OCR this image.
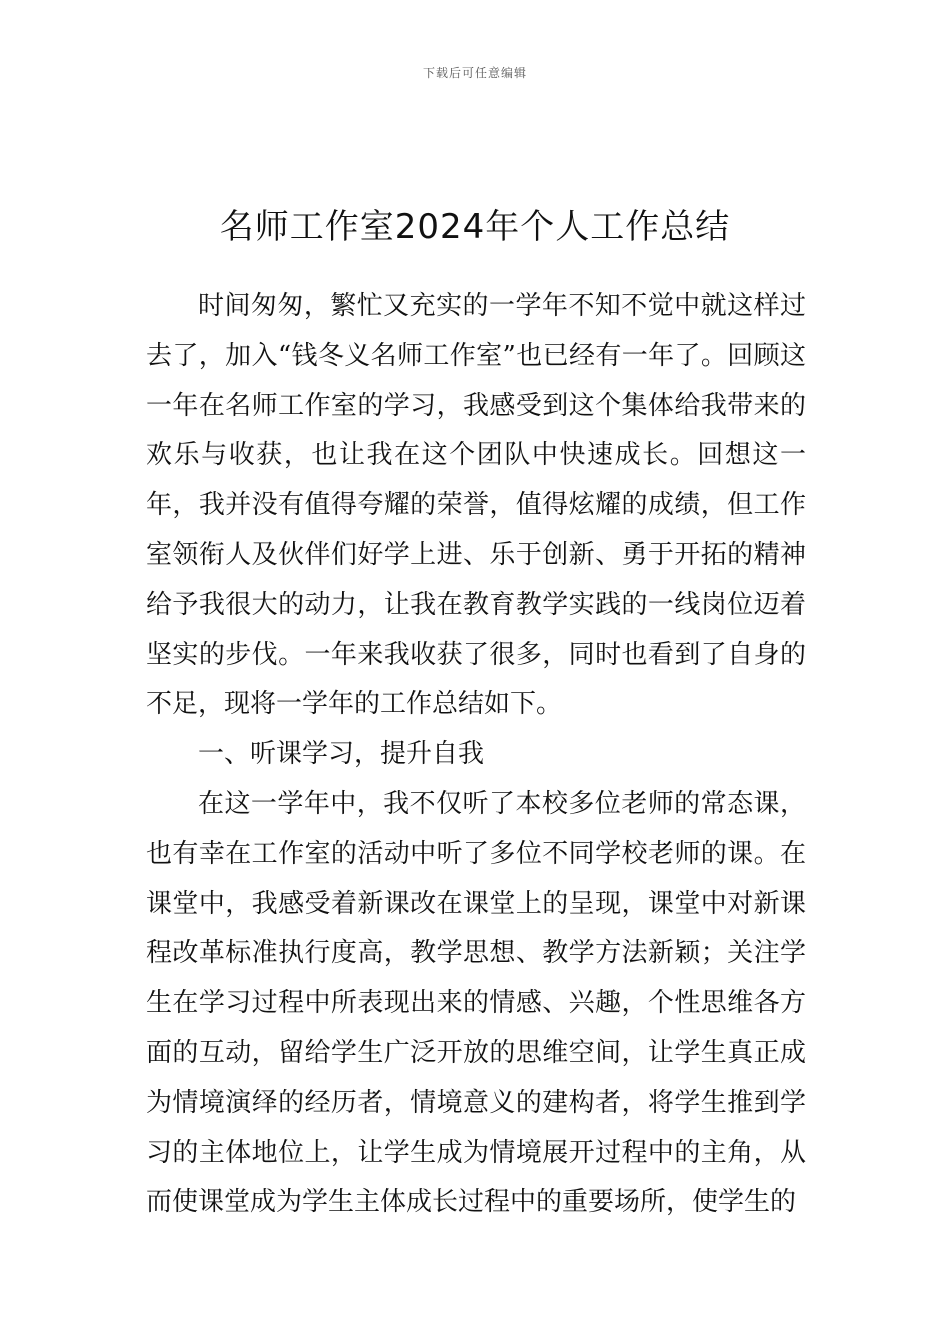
下载后可任意编辑
名师工作室2024年个人工作总结

时间匆匆，繁忙又充实的一学年不知不觉中就这样过去了，加入“钱冬义名师工作室”也已经有一年了。回顾这一年在名师工作室的学习，我感受到这个集体给我带来的欢乐与收获，也让我在这个团队中快速成长。回想这一年，我并没有值得夸耀的荣誉，值得炫耀的成绩，但工作室领衔人及伙伴们好学上进、乐于创新、勇于开拓的精神给予我很大的动力，让我在教育教学实践的一线岗位迈着坚实的步伐。一年来我收获了很多，同时也看到了自身的不足，现将一学年的工作总结如下。

一、听课学习，提升自我

在这一学年中，我不仅听了本校多位老师的常态课，也有幸在工作室的活动中听了多位不同学校老师的课。在课堂中，我感受着新课改在课堂上的呈现，课堂中对新课程改革标准执行度高，教学思想、教学方法新颖；关注学生在学习过程中所表现出来的情感、兴趣，个性思维各方面的互动，留给学生广泛开放的思维空间，让学生真正成为情境演绎的经历者，情境意义的建构者，将学生推到学习的主体地位上，让学生成为情境展开过程中的主角，从而使课堂成为学生主体成长过程中的重要场所，使学生的
